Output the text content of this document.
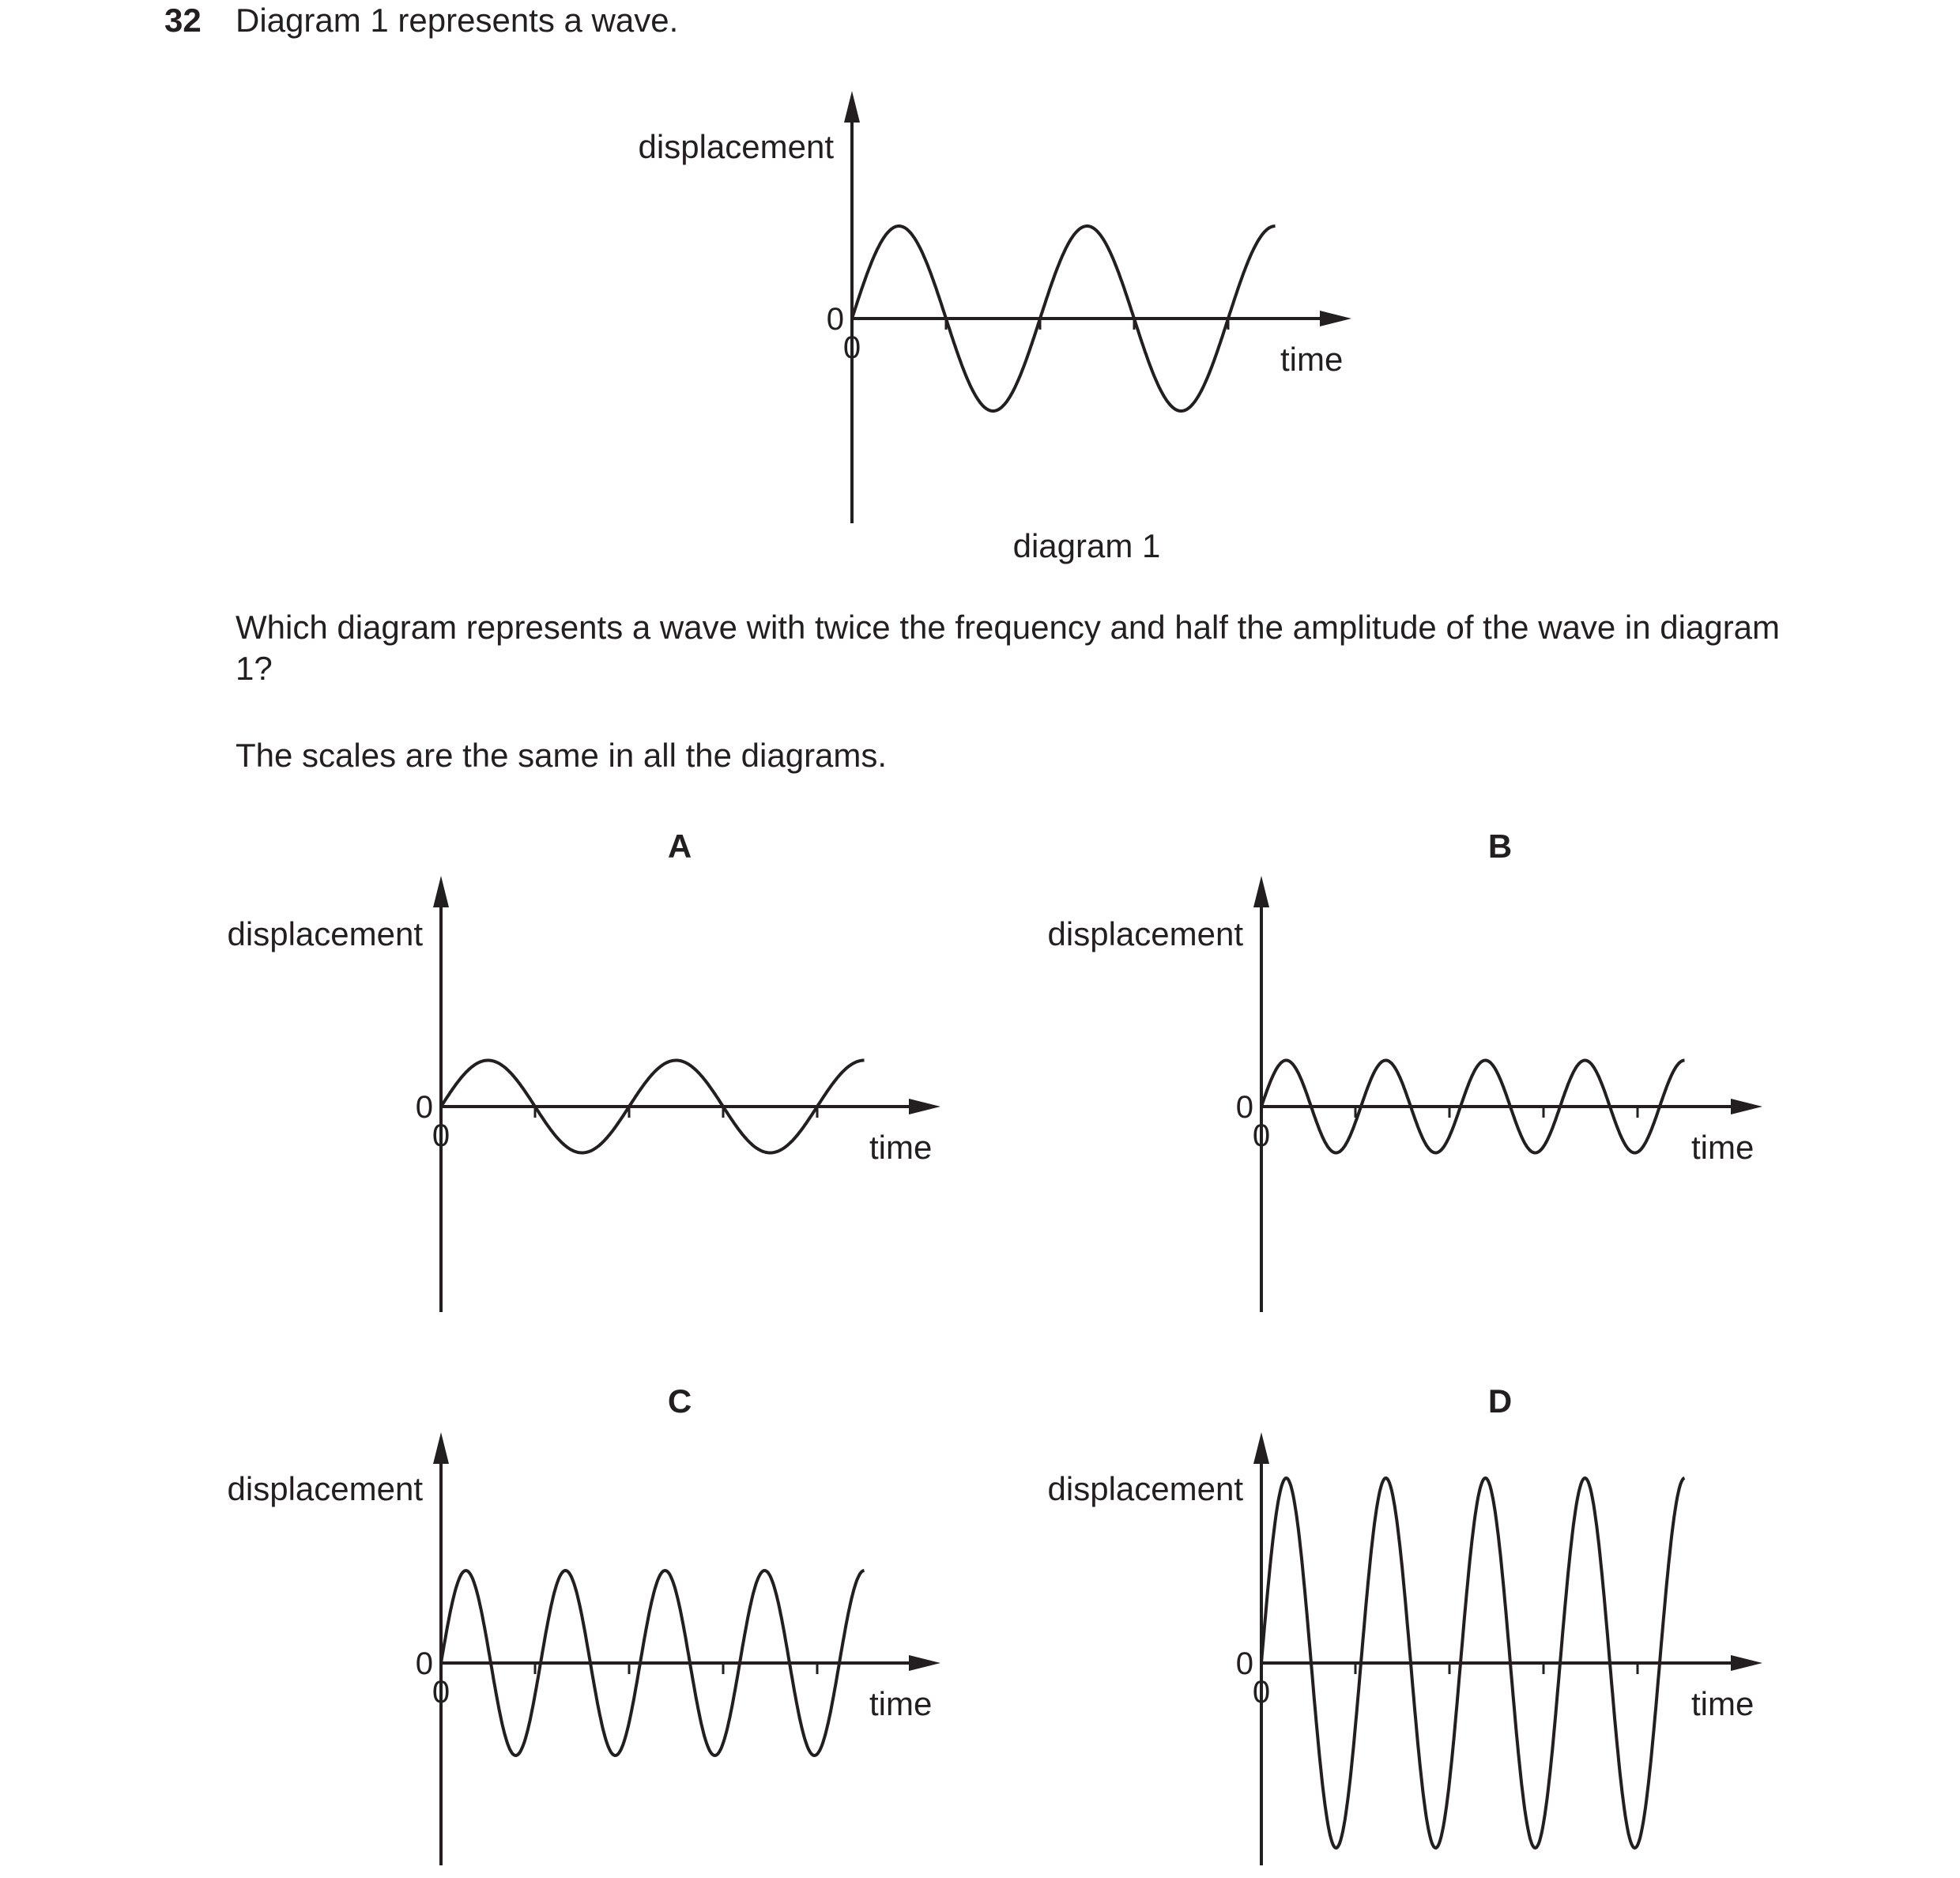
32 Diagram 1 represents a wave.
Which diagram represents a wave with twice the frequency and half the amplitude of the wave in diagram 1?
The scales are the same in all the diagrams.
displacement
time
0
0
diagram 1
A
displacement
time
0
0
B
displacement
time
0
0
C
displacement
time
0
0
D
displacement
time
0
0
